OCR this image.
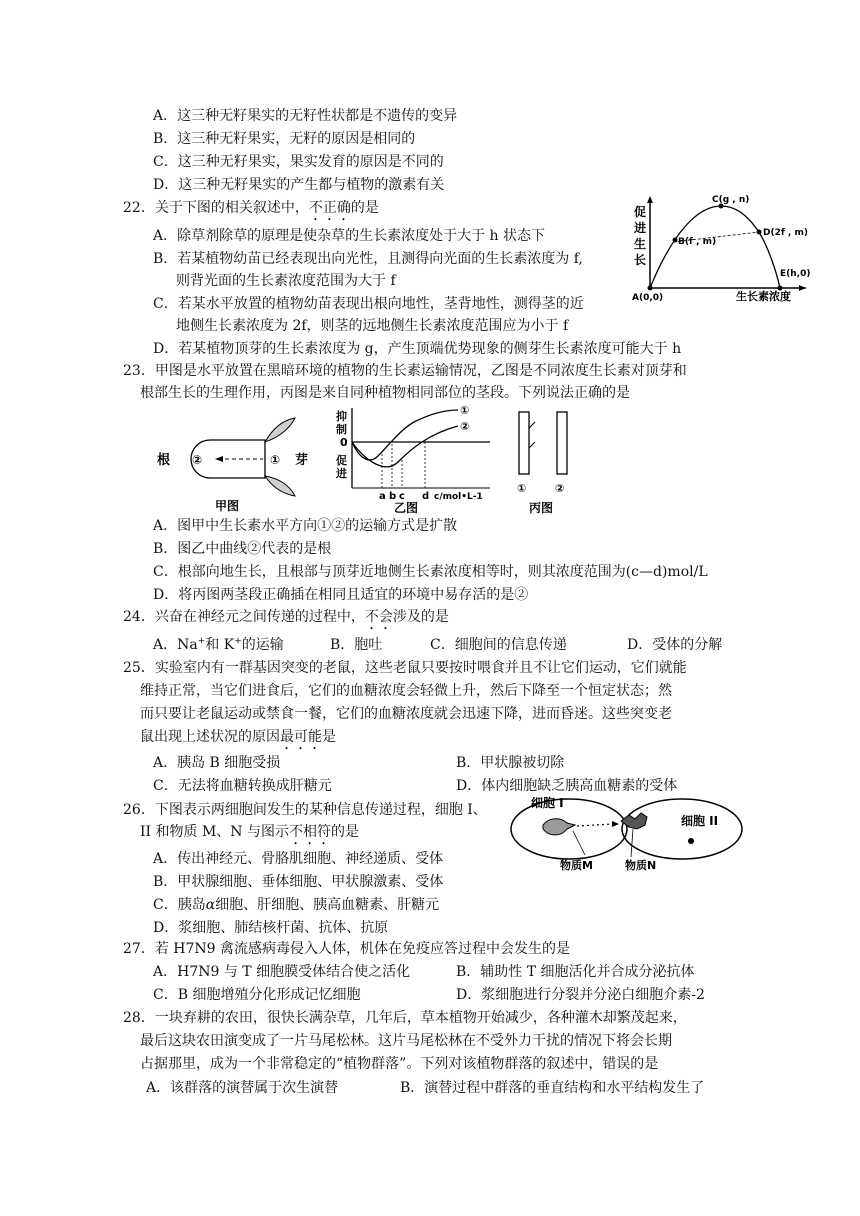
A．这三种无籽果实的无籽性状都是不遗传的变异
B．这三种无籽果实，无籽的原因是相同的
C．这三种无籽果实，果实发育的原因是不同的
D．这三种无籽果实的产生都与植物的激素有关
22．关于下图的相关叙述中，不正确的是
A．除草剂除草的原理是使杂草的生长素浓度处于大于 h 状态下
B．若某植物幼苗已经表现出向光性，且测得向光面的生长素浓度为 f,
则背光面的生长素浓度范围为大于 f
C．若某水平放置的植物幼苗表现出根向地性，茎背地性，测得茎的近
地侧生长素浓度为 2f，则茎的远地侧生长素浓度范围应为小于 f
D．若某植物顶芽的生长素浓度为 g，产生顶端优势现象的侧芽生长素浓度可能大于 h
促
进
生
长
生长素浓度
A(0,0)
B(f , m)
C(g , n)
D(2f , m)
E(h,0)
23．甲图是水平放置在黑暗环境的植物的生长素运输情况，乙图是不同浓度生长素对顶芽和
根部生长的生理作用，丙图是来自同种植物相同部位的茎段。下列说法正确的是
根	芽
②	①
甲图
抑
制
0
促
进
①
②
a b c d c/mol•L-1
乙图
①	②
丙图
A．图甲中生长素水平方向①②的运输方式是扩散
B．图乙中曲线②代表的是根
C．根部向地生长，且根部与顶芽近地侧生长素浓度相等时，则其浓度范围为(c—d)mol/L
D．将丙图两茎段正确插在相同且适宜的环境中易存活的是②
24．兴奋在神经元之间传递的过程中，不会涉及的是
A．Na+和 K+的运输	B．胞吐	C．细胞间的信息传递	D．受体的分解
25．实验室内有一群基因突变的老鼠，这些老鼠只要按时喂食并且不让它们运动，它们就能
维持正常，当它们进食后，它们的血糖浓度会轻微上升，然后下降至一个恒定状态；然
而只要让老鼠运动或禁食一餐，它们的血糖浓度就会迅速下降，进而昏迷。这些突变老
鼠出现上述状况的原因最可能是
A．胰岛 B 细胞受损	B．甲状腺被切除
C．无法将血糖转换成肝糖元	D．体内细胞缺乏胰高血糖素的受体
26．下图表示两细胞间发生的某种信息传递过程，细胞 I、
II 和物质 M、N 与图示不相符的是
A．传出神经元、骨胳肌细胞、神经递质、受体
B．甲状腺细胞、垂体细胞、甲状腺激素、受体
C．胰岛α细胞、肝细胞、胰高血糖素、肝糖元
D．浆细胞、肺结核杆菌、抗体、抗原
细胞 I
细胞 II
物质M	物质N
27．若 H7N9 禽流感病毒侵入人体，机体在免疫应答过程中会发生的是
A．H7N9 与 T 细胞膜受体结合使之活化	B．辅助性 T 细胞活化并合成分泌抗体
C．B 细胞增殖分化形成记忆细胞	D．浆细胞进行分裂并分泌白细胞介素-2
28．一块弃耕的农田，很快长满杂草，几年后，草本植物开始减少，各种灌木却繁茂起来，
最后这块农田演变成了一片马尾松林。这片马尾松林在不受外力干扰的情况下将会长期
占据那里，成为一个非常稳定的“植物群落”。下列对该植物群落的叙述中，错误的是
A．该群落的演替属于次生演替	B．演替过程中群落的垂直结构和水平结构发生了
